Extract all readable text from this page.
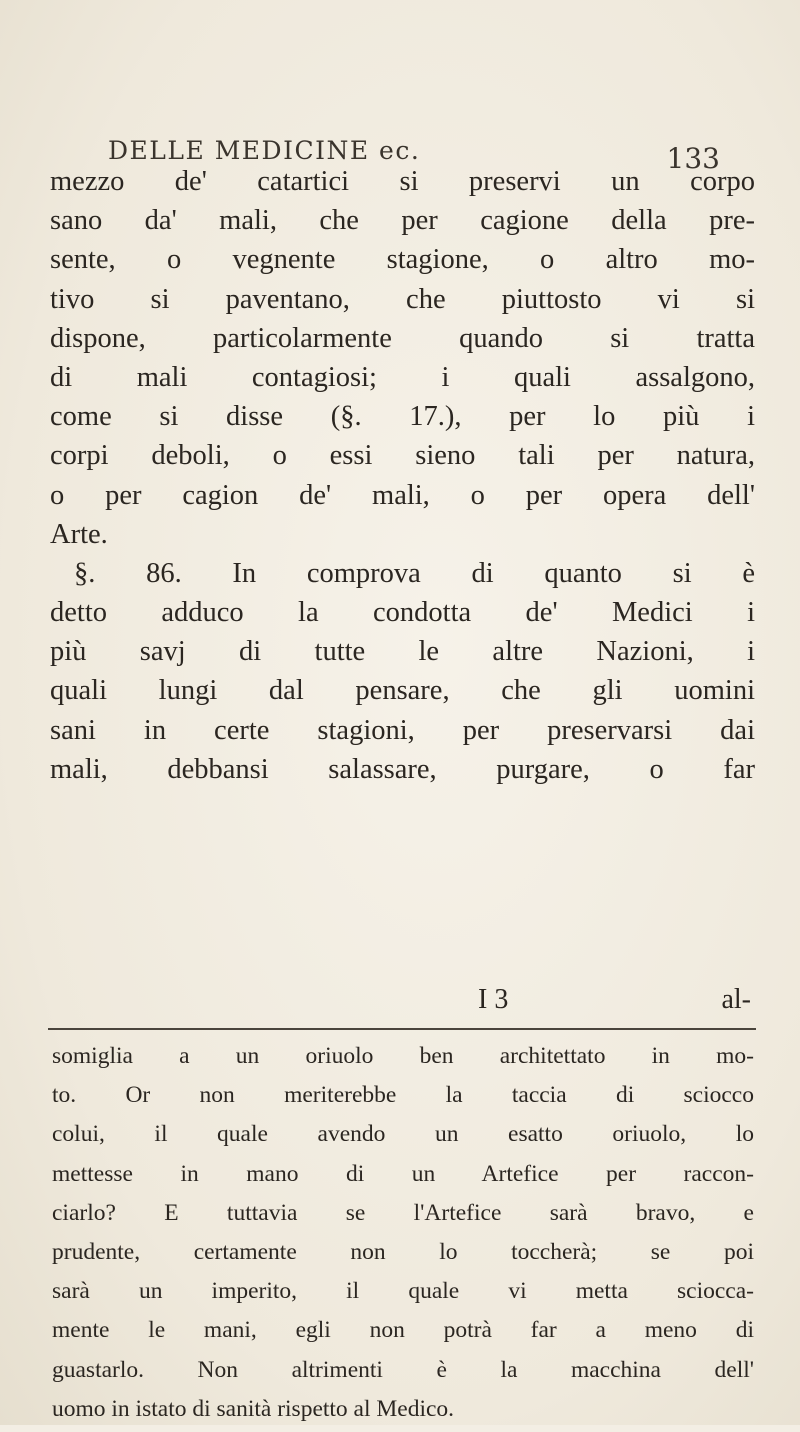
DELLE MEDICINE ec.	133
mezzo de' catartici si preservi un corpo
sano da' mali, che per cagione della pre-
sente, o vegnente stagione, o altro mo-
tivo si paventano, che piuttosto vi si
dispone, particolarmente quando si tratta
di mali contagiosi; i quali assalgono,
come si disse (§. 17.), per lo più i
corpi deboli, o essi sieno tali per natura,
o per cagion de' mali, o per opera dell'
Arte.
§. 86. In comprova di quanto si è
detto adduco la condotta de' Medici i
più savj di tutte le altre Nazioni, i
quali lungi dal pensare, che gli uomini
sani in certe stagioni, per preservarsi dai
mali, debbansi salassare, purgare, o far
I 3	al-
somiglia a un oriuolo ben architettato in mo-
to. Or non meriterebbe la taccia di sciocco
colui, il quale avendo un esatto oriuolo, lo
mettesse in mano di un Artefice per raccon-
ciarlo? E tuttavia se l'Artefice sarà bravo, e
prudente, certamente non lo toccherà; se poi
sarà un imperito, il quale vi metta sciocca-
mente le mani, egli non potrà far a meno di
guastarlo. Non altrimenti è la macchina dell'
uomo in istato di sanità rispetto al Medico.
